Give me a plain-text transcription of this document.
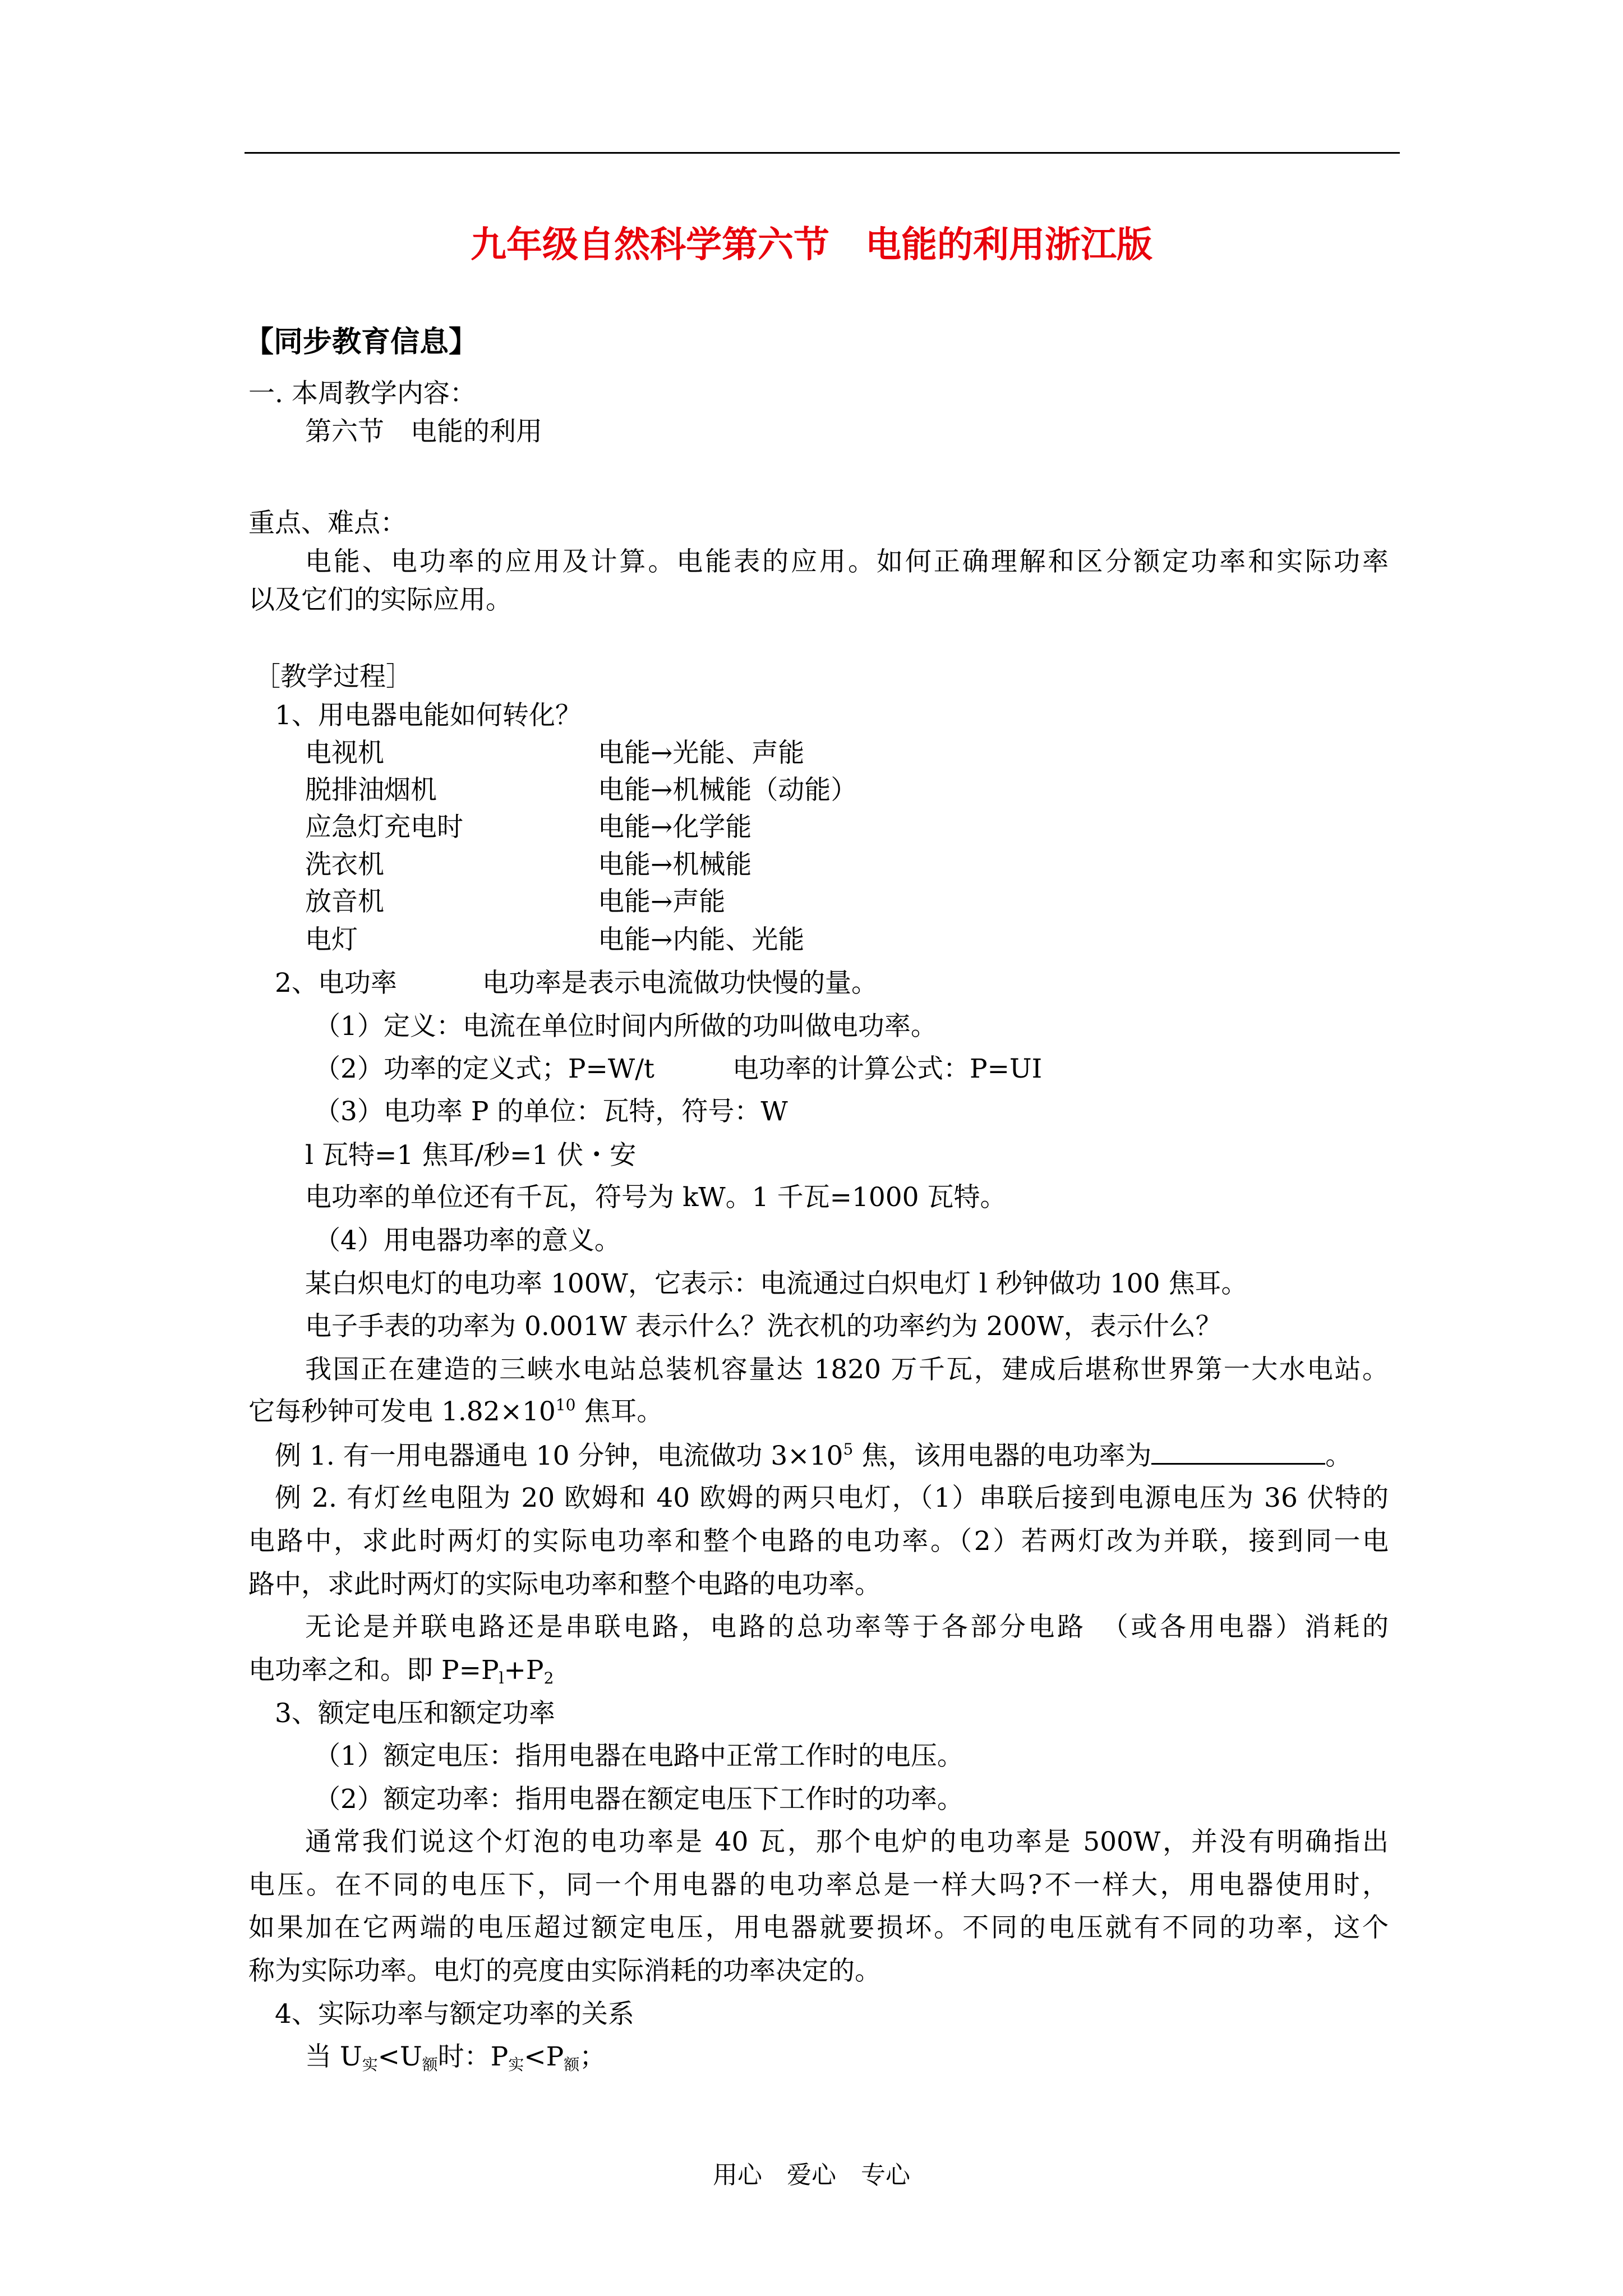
九年级自然科学第六节　电能的利用浙江版
【同步教育信息】
一. 本周教学内容：
第六节　电能的利用
重点、难点：
电能、电功率的应用及计算。电能表的应用。如何正确理解和区分额定功率和实际功率
以及它们的实际应用。
［教学过程］
1、用电器电能如何转化？
电视机	电能→光能、声能
脱排油烟机	电能→机械能（动能）
应急灯充电时	电能→化学能
洗衣机	电能→机械能
放音机	电能→声能
电灯	电能→内能、光能
2、电功率	电功率是表示电流做功快慢的量。
（1）定义：电流在单位时间内所做的功叫做电功率。
（2）功率的定义式；P=W/t	电功率的计算公式：P=UI
（3）电功率 P 的单位：瓦特，符号：W
l 瓦特=1 焦耳/秒=1 伏・安
电功率的单位还有千瓦，符号为 kW。1 千瓦=1000 瓦特。
（4）用电器功率的意义。
某白炽电灯的电功率 100W，它表示：电流通过白炽电灯 l 秒钟做功 100 焦耳。
电子手表的功率为 0.001W 表示什么？洗衣机的功率约为 200W，表示什么？
我国正在建造的三峡水电站总装机容量达 1820 万千瓦，建成后堪称世界第一大水电站。
它每秒钟可发电 $1.82\times 10^{10}$ 焦耳。
例 1. 有一用电器通电 10 分钟，电流做功 $3\times 10^5$ 焦，该用电器的电功率为	。
例 2. 有灯丝电阻为 20 欧姆和 40 欧姆的两只电灯，（1）串联后接到电源电压为 36 伏特的
电路中，求此时两灯的实际电功率和整个电路的电功率。（2）若两灯改为并联，接到同一电
路中，求此时两灯的实际电功率和整个电路的电功率。
无论是并联电路还是串联电路，电路的总功率等于各部分电路　（或各用电器）消耗的
电功率之和。即 $P=P_l+P_2$
3、额定电压和额定功率
（1）额定电压：指用电器在电路中正常工作时的电压。
（2）额定功率：指用电器在额定电压下工作时的功率。
通常我们说这个灯泡的电功率是 40 瓦，那个电炉的电功率是 500W，并没有明确指出
电压。在不同的电压下，同一个用电器的电功率总是一样大吗?不一样大，用电器使用时，
如果加在它两端的电压超过额定电压，用电器就要损坏。不同的电压就有不同的功率，这个
称为实际功率。电灯的亮度由实际消耗的功率决定的。
4、实际功率与额定功率的关系
当 $U_实<U_额$时：$P_实<P_额$；
用心　爱心　专心
